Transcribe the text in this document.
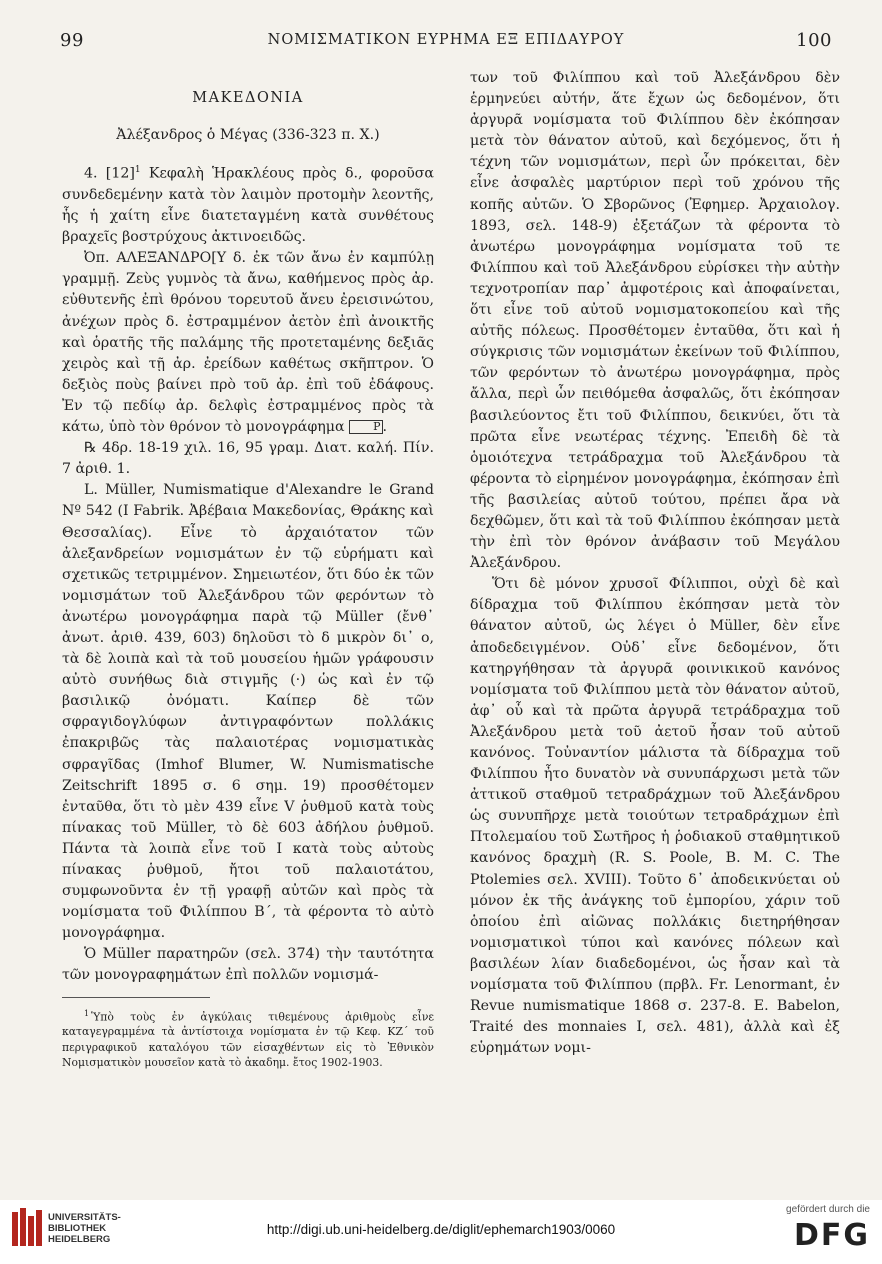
99	ΝΟΜΙΣΜΑΤΙΚΟΝ ΕΥΡΗΜΑ ΕΞ ΕΠΙΔΑΥΡΟΥ	100

ΜΑΚΕΔΟΝΙΑ

Ἀλέξανδρος ὁ Μέγας (336-323 π. Χ.)

4. [12]$^1$ Κεφαλὴ Ἡρακλέους πρὸς δ., φοροῦσα συνδεδεμένην κατὰ τὸν λαιμὸν προτομὴν λεοντῆς, ἧς ἡ χαίτη εἶνε διατεταγμένη κατὰ συνθέτους βραχεῖς βοστρύχους ἀκτινοειδῶς.

Ὀπ. ΑΛΕΞΑΝΔΡΟ[Υ δ. ἐκ τῶν ἄνω ἐν καμπύλῃ γραμμῇ. Ζεὺς γυμνὸς τὰ ἄνω, καθήμενος πρὸς ἀρ. εὐθυτενῆς ἐπὶ θρόνου τορευτοῦ ἄνευ ἐρεισινώτου, ἀνέχων πρὸς δ. ἐστραμμένον ἀετὸν ἐπὶ ἀνοικτῆς καὶ ὁρατῆς τῆς παλάμης τῆς προτεταμένης δεξιᾶς χειρὸς καὶ τῇ ἀρ. ἐρείδων καθέτως σκῆπτρον. Ὁ δεξιὸς ποὺς βαίνει πρὸ τοῦ ἀρ. ἐπὶ τοῦ ἐδάφους. Ἐν τῷ πεδίῳ ἀρ. δελφὶς ἐστραμμένος πρὸς τὰ κάτω, ὑπὸ τὸν θρόνον τὸ μονογράφημα	Ρ .

℞ 4δρ. 18-19 χιλ. 16, 95 γραμ. Διατ. καλή. Πίν. 7 ἀριθ. 1.

L. Müller, Numismatique d'Alexandre le Grand Nº 542 (I Fabrik. Ἀβέβαια Μακεδονίας, Θράκης καὶ Θεσσαλίας). Εἶνε τὸ ἀρχαιότατον τῶν ἀλεξανδρείων νομισμάτων ἐν τῷ εὑρήματι καὶ σχετικῶς τετριμμένον. Σημειωτέον, ὅτι δύο ἐκ τῶν νομισμάτων τοῦ Ἀλεξάνδρου τῶν φερόντων τὸ ἀνωτέρω μονογράφημα παρὰ τῷ Müller (ἔνθ᾽ ἀνωτ. ἀριθ. 439, 603) δηλοῦσι τὸ δ μικρὸν δι᾽ ο, τὰ δὲ λοιπὰ καὶ τὰ τοῦ μουσείου ἡμῶν γράφουσιν αὐτὸ συνήθως διὰ στιγμῆς (·) ὡς καὶ ἐν τῷ βασιλικῷ ὀνόματι. Καίπερ δὲ τῶν σφραγιδογλύφων ἀντιγραφόντων πολλάκις ἐπακριβῶς τὰς παλαιοτέρας νομισματικὰς σφραγῖδας (Imhof Blumer, W. Numismatische Zeitschrift 1895 σ. 6 σημ. 19) προσθέτομεν ἐνταῦθα, ὅτι τὸ μὲν 439 εἶνε V ῥυθμοῦ κατὰ τοὺς πίνακας τοῦ Müller, τὸ δὲ 603 ἀδήλου ῥυθμοῦ. Πάντα τὰ λοιπὰ εἶνε τοῦ I κατὰ τοὺς αὐτοὺς πίνακας ῥυθμοῦ, ἤτοι τοῦ παλαιοτάτου, συμφωνοῦντα ἐν τῇ γραφῇ αὐτῶν καὶ πρὸς τὰ νομίσματα τοῦ Φιλίππου Β΄, τὰ φέροντα τὸ αὐτὸ μονογράφημα.

Ὁ Müller παρατηρῶν (σελ. 374) τὴν ταυτότητα τῶν μονογραφημάτων ἐπὶ πολλῶν νομισμά-

$^1$ Ὑπὸ τοὺς ἐν ἀγκύλαις τιθεμένους ἀριθμοὺς εἶνε καταγεγραμμένα τὰ ἀντίστοιχα νομίσματα ἐν τῷ Κεφ. ΚΖ΄ τοῦ περιγραφικοῦ καταλόγου τῶν εἰσαχθέντων εἰς τὸ Ἐθνικὸν Νομισματικὸν μουσεῖον κατὰ τὸ ἀκαδημ. ἔτος 1902-1903.

των τοῦ Φιλίππου καὶ τοῦ Ἀλεξάνδρου δὲν ἑρμηνεύει αὐτήν, ἅτε ἔχων ὡς δεδομένον, ὅτι ἀργυρᾶ νομίσματα τοῦ Φιλίππου δὲν ἐκόπησαν μετὰ τὸν θάνατον αὐτοῦ, καὶ δεχόμενος, ὅτι ἡ τέχνη τῶν νομισμάτων, περὶ ὧν πρόκειται, δὲν εἶνε ἀσφαλὲς μαρτύριον περὶ τοῦ χρόνου τῆς κοπῆς αὐτῶν. Ὁ Σβορῶνος (Ἐφημερ. Ἀρχαιολογ. 1893, σελ. 148-9) ἐξετάζων τὰ φέροντα τὸ ἀνωτέρω μονογράφημα νομίσματα τοῦ τε Φιλίππου καὶ τοῦ Ἀλεξάνδρου εὑρίσκει τὴν αὐτὴν τεχνοτροπίαν παρ᾽ ἀμφοτέροις καὶ ἀποφαίνεται, ὅτι εἶνε τοῦ αὐτοῦ νομισματοκοπείου καὶ τῆς αὐτῆς πόλεως. Προσθέτομεν ἐνταῦθα, ὅτι καὶ ἡ σύγκρισις τῶν νομισμάτων ἐκείνων τοῦ Φιλίππου, τῶν φερόντων τὸ ἀνωτέρω μονογράφημα, πρὸς ἄλλα, περὶ ὧν πειθόμεθα ἀσφαλῶς, ὅτι ἐκόπησαν βασιλεύοντος ἔτι τοῦ Φιλίππου, δεικνύει, ὅτι τὰ πρῶτα εἶνε νεωτέρας τέχνης. Ἐπειδὴ δὲ τὰ ὁμοιότεχνα τετράδραχμα τοῦ Ἀλεξάνδρου τὰ φέροντα τὸ εἰρημένον μονογράφημα, ἐκόπησαν ἐπὶ τῆς βασιλείας αὐτοῦ τούτου, πρέπει ἄρα νὰ δεχθῶμεν, ὅτι καὶ τὰ τοῦ Φιλίππου ἐκόπησαν μετὰ τὴν ἐπὶ τὸν θρόνον ἀνάβασιν τοῦ Μεγάλου Ἀλεξάνδρου.

Ὅτι δὲ μόνον χρυσοῖ Φίλιπποι, οὐχὶ δὲ καὶ δίδραχμα τοῦ Φιλίππου ἐκόπησαν μετὰ τὸν θάνατον αὐτοῦ, ὡς λέγει ὁ Müller, δὲν εἶνε ἀποδεδειγμένον. Οὐδ᾽ εἶνε δεδομένον, ὅτι κατηργήθησαν τὰ ἀργυρᾶ φοινικικοῦ κανόνος νομίσματα τοῦ Φιλίππου μετὰ τὸν θάνατον αὐτοῦ, ἀφ᾽ οὗ καὶ τὰ πρῶτα ἀργυρᾶ τετράδραχμα τοῦ Ἀλεξάνδρου μετὰ τοῦ ἀετοῦ ἦσαν τοῦ αὐτοῦ κανόνος. Τοὐναντίον μάλιστα τὰ δίδραχμα τοῦ Φιλίππου ἦτο δυνατὸν νὰ συνυπάρχωσι μετὰ τῶν ἀττικοῦ σταθμοῦ τετραδράχμων τοῦ Ἀλεξάνδρου ὡς συνυπῆρχε μετὰ τοιούτων τετραδράχμων ἐπὶ Πτολεμαίου τοῦ Σωτῆρος ἡ ῥοδιακοῦ σταθμητικοῦ κανόνος δραχμὴ (R. S. Poole, B. M. C. The Ptolemies σελ. XVIII). Τοῦτο δ᾽ ἀποδεικνύεται οὐ μόνον ἐκ τῆς ἀνάγκης τοῦ ἐμπορίου, χάριν τοῦ ὁποίου ἐπὶ αἰῶνας πολλάκις διετηρήθησαν νομισματικοὶ τύποι καὶ κανόνες πόλεων καὶ βασιλέων λίαν διαδεδομένοι, ὡς ἦσαν καὶ τὰ νομίσματα τοῦ Φιλίππου (πρβλ. Fr. Lenormant, ἐν Revue numismatique 1868 σ. 237-8. E. Babelon, Traité des monnaies I, σελ. 481), ἀλλὰ καὶ ἐξ εὑρημάτων νομι-

UNIVERSITÄTS-
BIBLIOTHEK
HEIDELBERG
http://digi.ub.uni-heidelberg.de/diglit/ephemarch1903/0060
gefördert durch die
DFG
